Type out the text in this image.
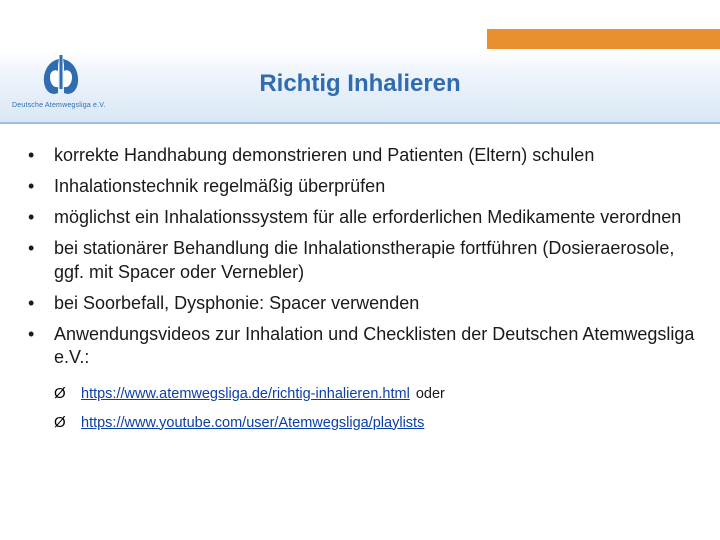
Deutsche Atemwegsliga e.V.
Richtig Inhalieren
• korrekte Handhabung demonstrieren und Patienten (Eltern) schulen
• Inhalationstechnik regelmäßig überprüfen
• möglichst ein Inhalationssystem für alle erforderlichen Medikamente verordnen
• bei stationärer Behandlung die Inhalationstherapie fortführen (Dosieraerosole, ggf. mit Spacer oder Vernebler)
• bei Soorbefall, Dysphonie: Spacer verwenden
• Anwendungsvideos zur Inhalation und Checklisten der Deutschen Atemwegsliga e.V.:
Ø https://www.atemwegsliga.de/richtig-inhalieren.html oder
Ø https://www.youtube.com/user/Atemwegsliga/playlists
